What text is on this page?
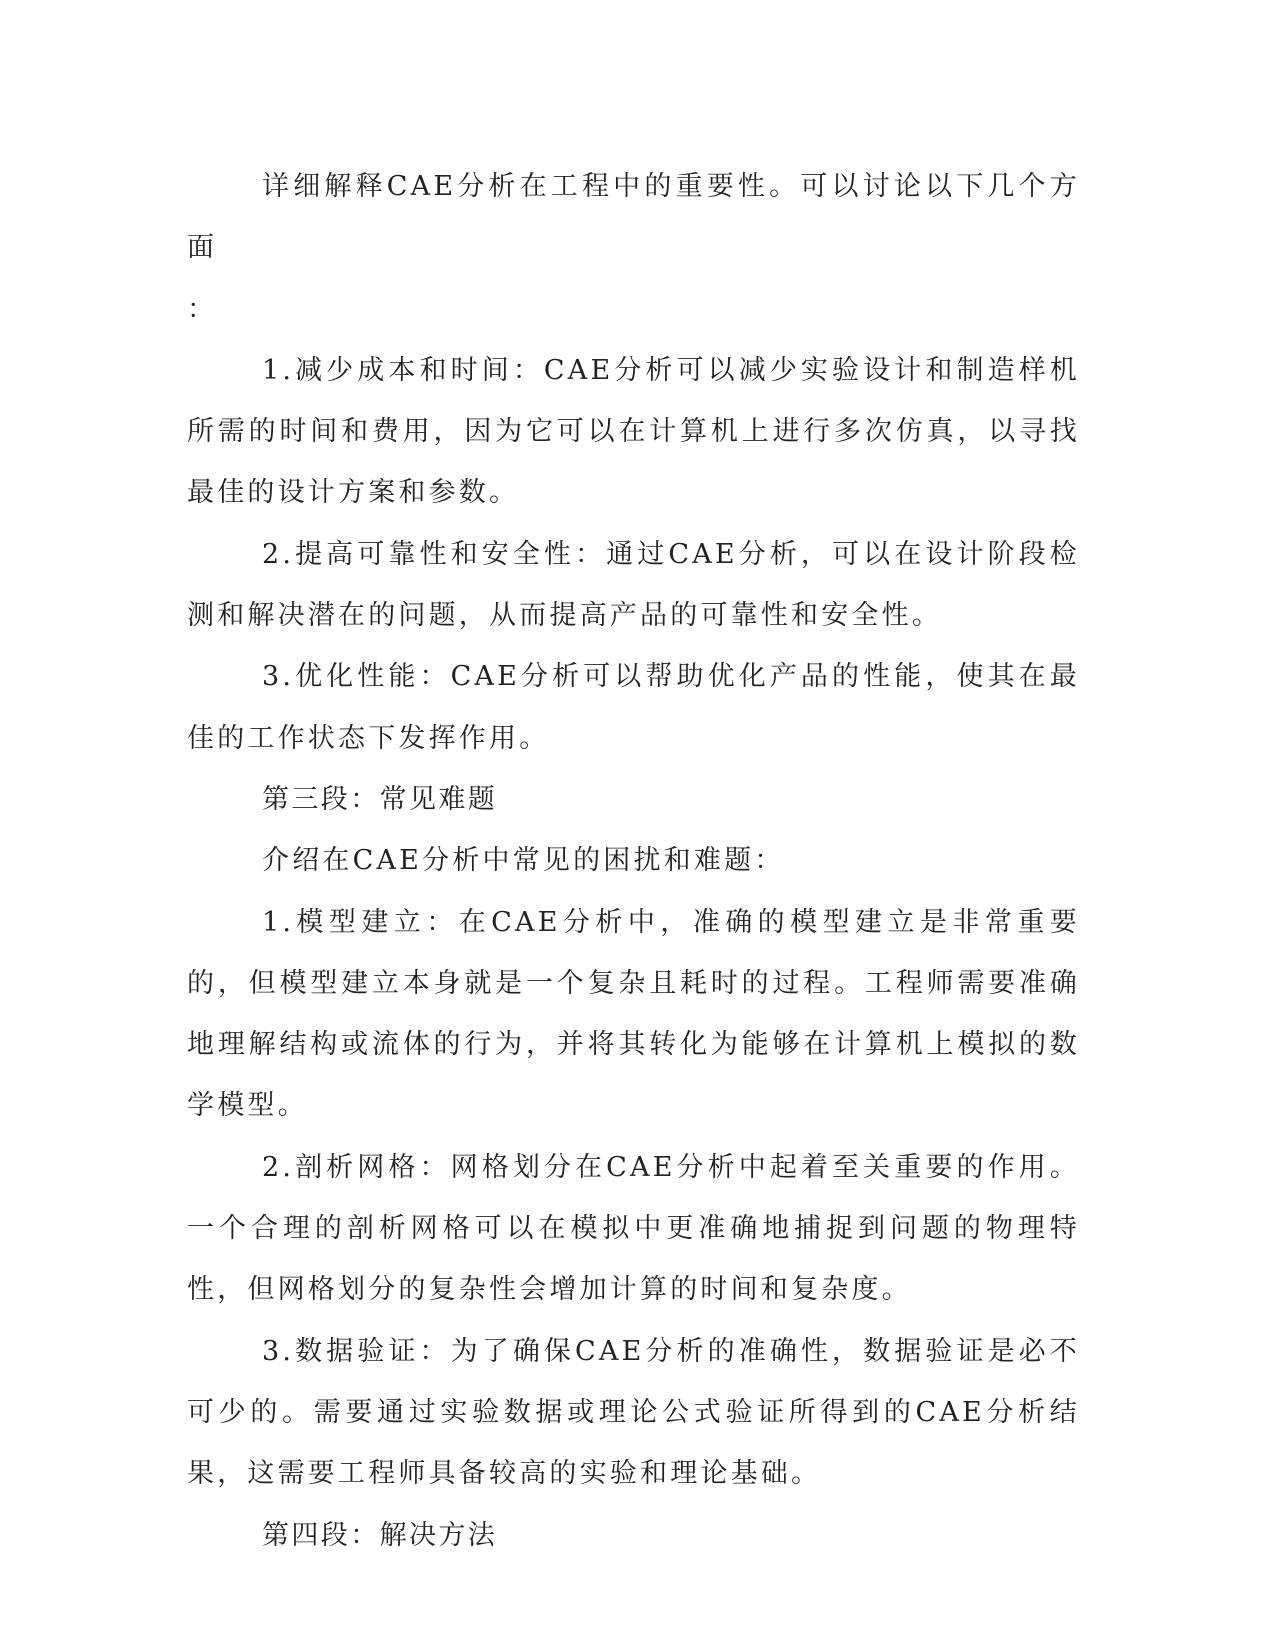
详细解释CAE分析在工程中的重要性。可以讨论以下几个方面

：

1.减少成本和时间：CAE分析可以减少实验设计和制造样机所需的时间和费用，因为它可以在计算机上进行多次仿真，以寻找最佳的设计方案和参数。

2.提高可靠性和安全性：通过CAE分析，可以在设计阶段检测和解决潜在的问题，从而提高产品的可靠性和安全性。

3.优化性能：CAE分析可以帮助优化产品的性能，使其在最佳的工作状态下发挥作用。

第三段：常见难题

介绍在CAE分析中常见的困扰和难题：

1.模型建立：在CAE分析中，准确的模型建立是非常重要的，但模型建立本身就是一个复杂且耗时的过程。工程师需要准确地理解结构或流体的行为，并将其转化为能够在计算机上模拟的数学模型。

2.剖析网格：网格划分在CAE分析中起着至关重要的作用。一个合理的剖析网格可以在模拟中更准确地捕捉到问题的物理特性，但网格划分的复杂性会增加计算的时间和复杂度。

3.数据验证：为了确保CAE分析的准确性，数据验证是必不可少的。需要通过实验数据或理论公式验证所得到的CAE分析结果，这需要工程师具备较高的实验和理论基础。

第四段：解决方法
